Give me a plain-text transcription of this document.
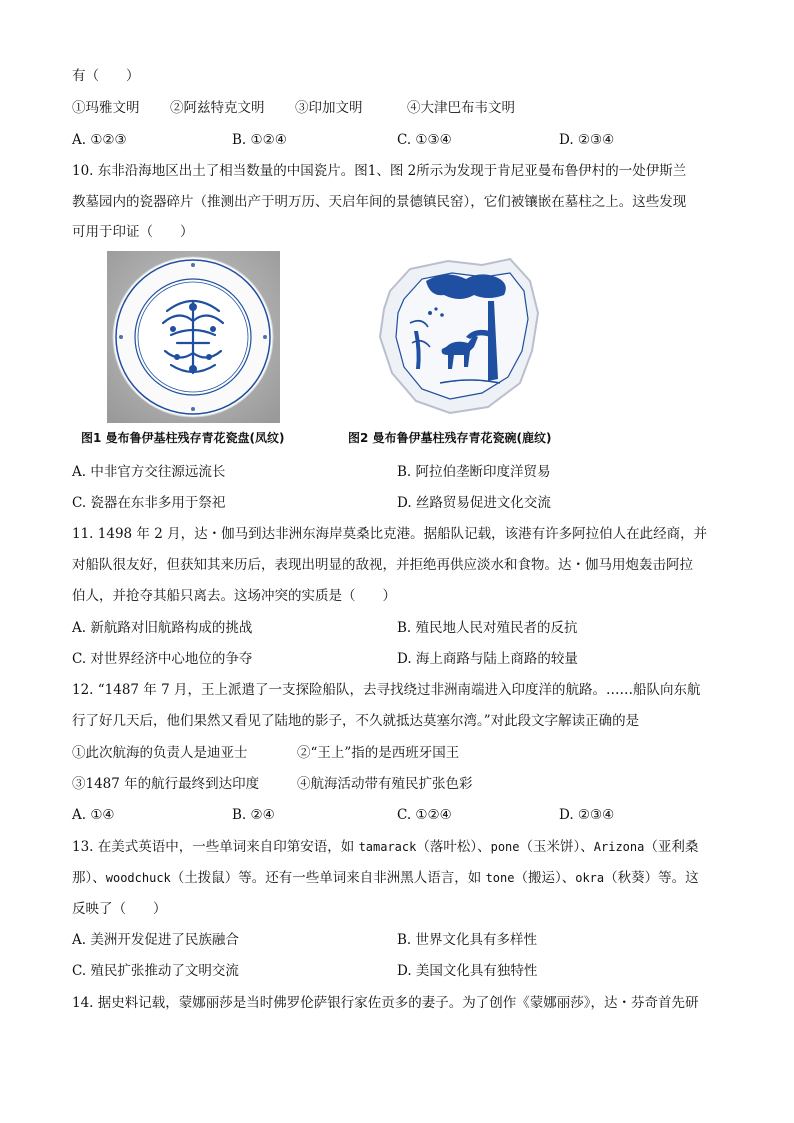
有（　　）
①玛雅文明 ②阿兹特克文明 ③印加文明	④大津巴布韦文明
A. ①②③	B. ①②④	C. ①③④	D. ②③④
10. 东非沿海地区出土了相当数量的中国瓷片。图1、图 2所示为发现于肯尼亚曼布鲁伊村的一处伊斯兰
教墓园内的瓷器碎片（推测出产于明万历、天启年间的景德镇民窑），它们被镶嵌在墓柱之上。这些发现
可用于印证（　　）
图1 曼布鲁伊基柱残存青花瓷盘(凤纹)	图2 曼布鲁伊墓柱残存青花瓷碗(鹿纹)
A. 中非官方交往源远流长	B. 阿拉伯垄断印度洋贸易
C. 瓷器在东非多用于祭祀	D. 丝路贸易促进文化交流
11. 1498 年 2 月，达・伽马到达非洲东海岸莫桑比克港。据船队记载，该港有许多阿拉伯人在此经商，并
对船队很友好，但获知其来历后，表现出明显的敌视，并拒绝再供应淡水和食物。达・伽马用炮轰击阿拉
伯人，并抢夺其船只离去。这场冲突的实质是（　　）
A. 新航路对旧航路构成的挑战	B. 殖民地人民对殖民者的反抗
C. 对世界经济中心地位的争夺	D. 海上商路与陆上商路的较量
12. “1487 年 7 月，王上派遣了一支探险船队，去寻找绕过非洲南端进入印度洋的航路。……船队向东航
行了好几天后，他们果然又看见了陆地的影子，不久就抵达莫塞尔湾。”对此段文字解读正确的是
①此次航海的负责人是迪亚士	②“王上”指的是西班牙国王
③1487 年的航行最终到达印度	④航海活动带有殖民扩张色彩
A. ①④	B. ②④	C. ①②④	D. ②③④
13. 在美式英语中，一些单词来自印第安语，如 tamarack（落叶松）、pone（玉米饼）、Arizona（亚利桑
那）、woodchuck（土拨鼠）等。还有一些单词来自非洲黑人语言，如 tone（搬运）、okra（秋葵）等。这
反映了（　　）
A. 美洲开发促进了民族融合	B. 世界文化具有多样性
C. 殖民扩张推动了文明交流	D. 美国文化具有独特性
14. 据史料记载，蒙娜丽莎是当时佛罗伦萨银行家佐贡多的妻子。为了创作《蒙娜丽莎》，达・芬奇首先研
